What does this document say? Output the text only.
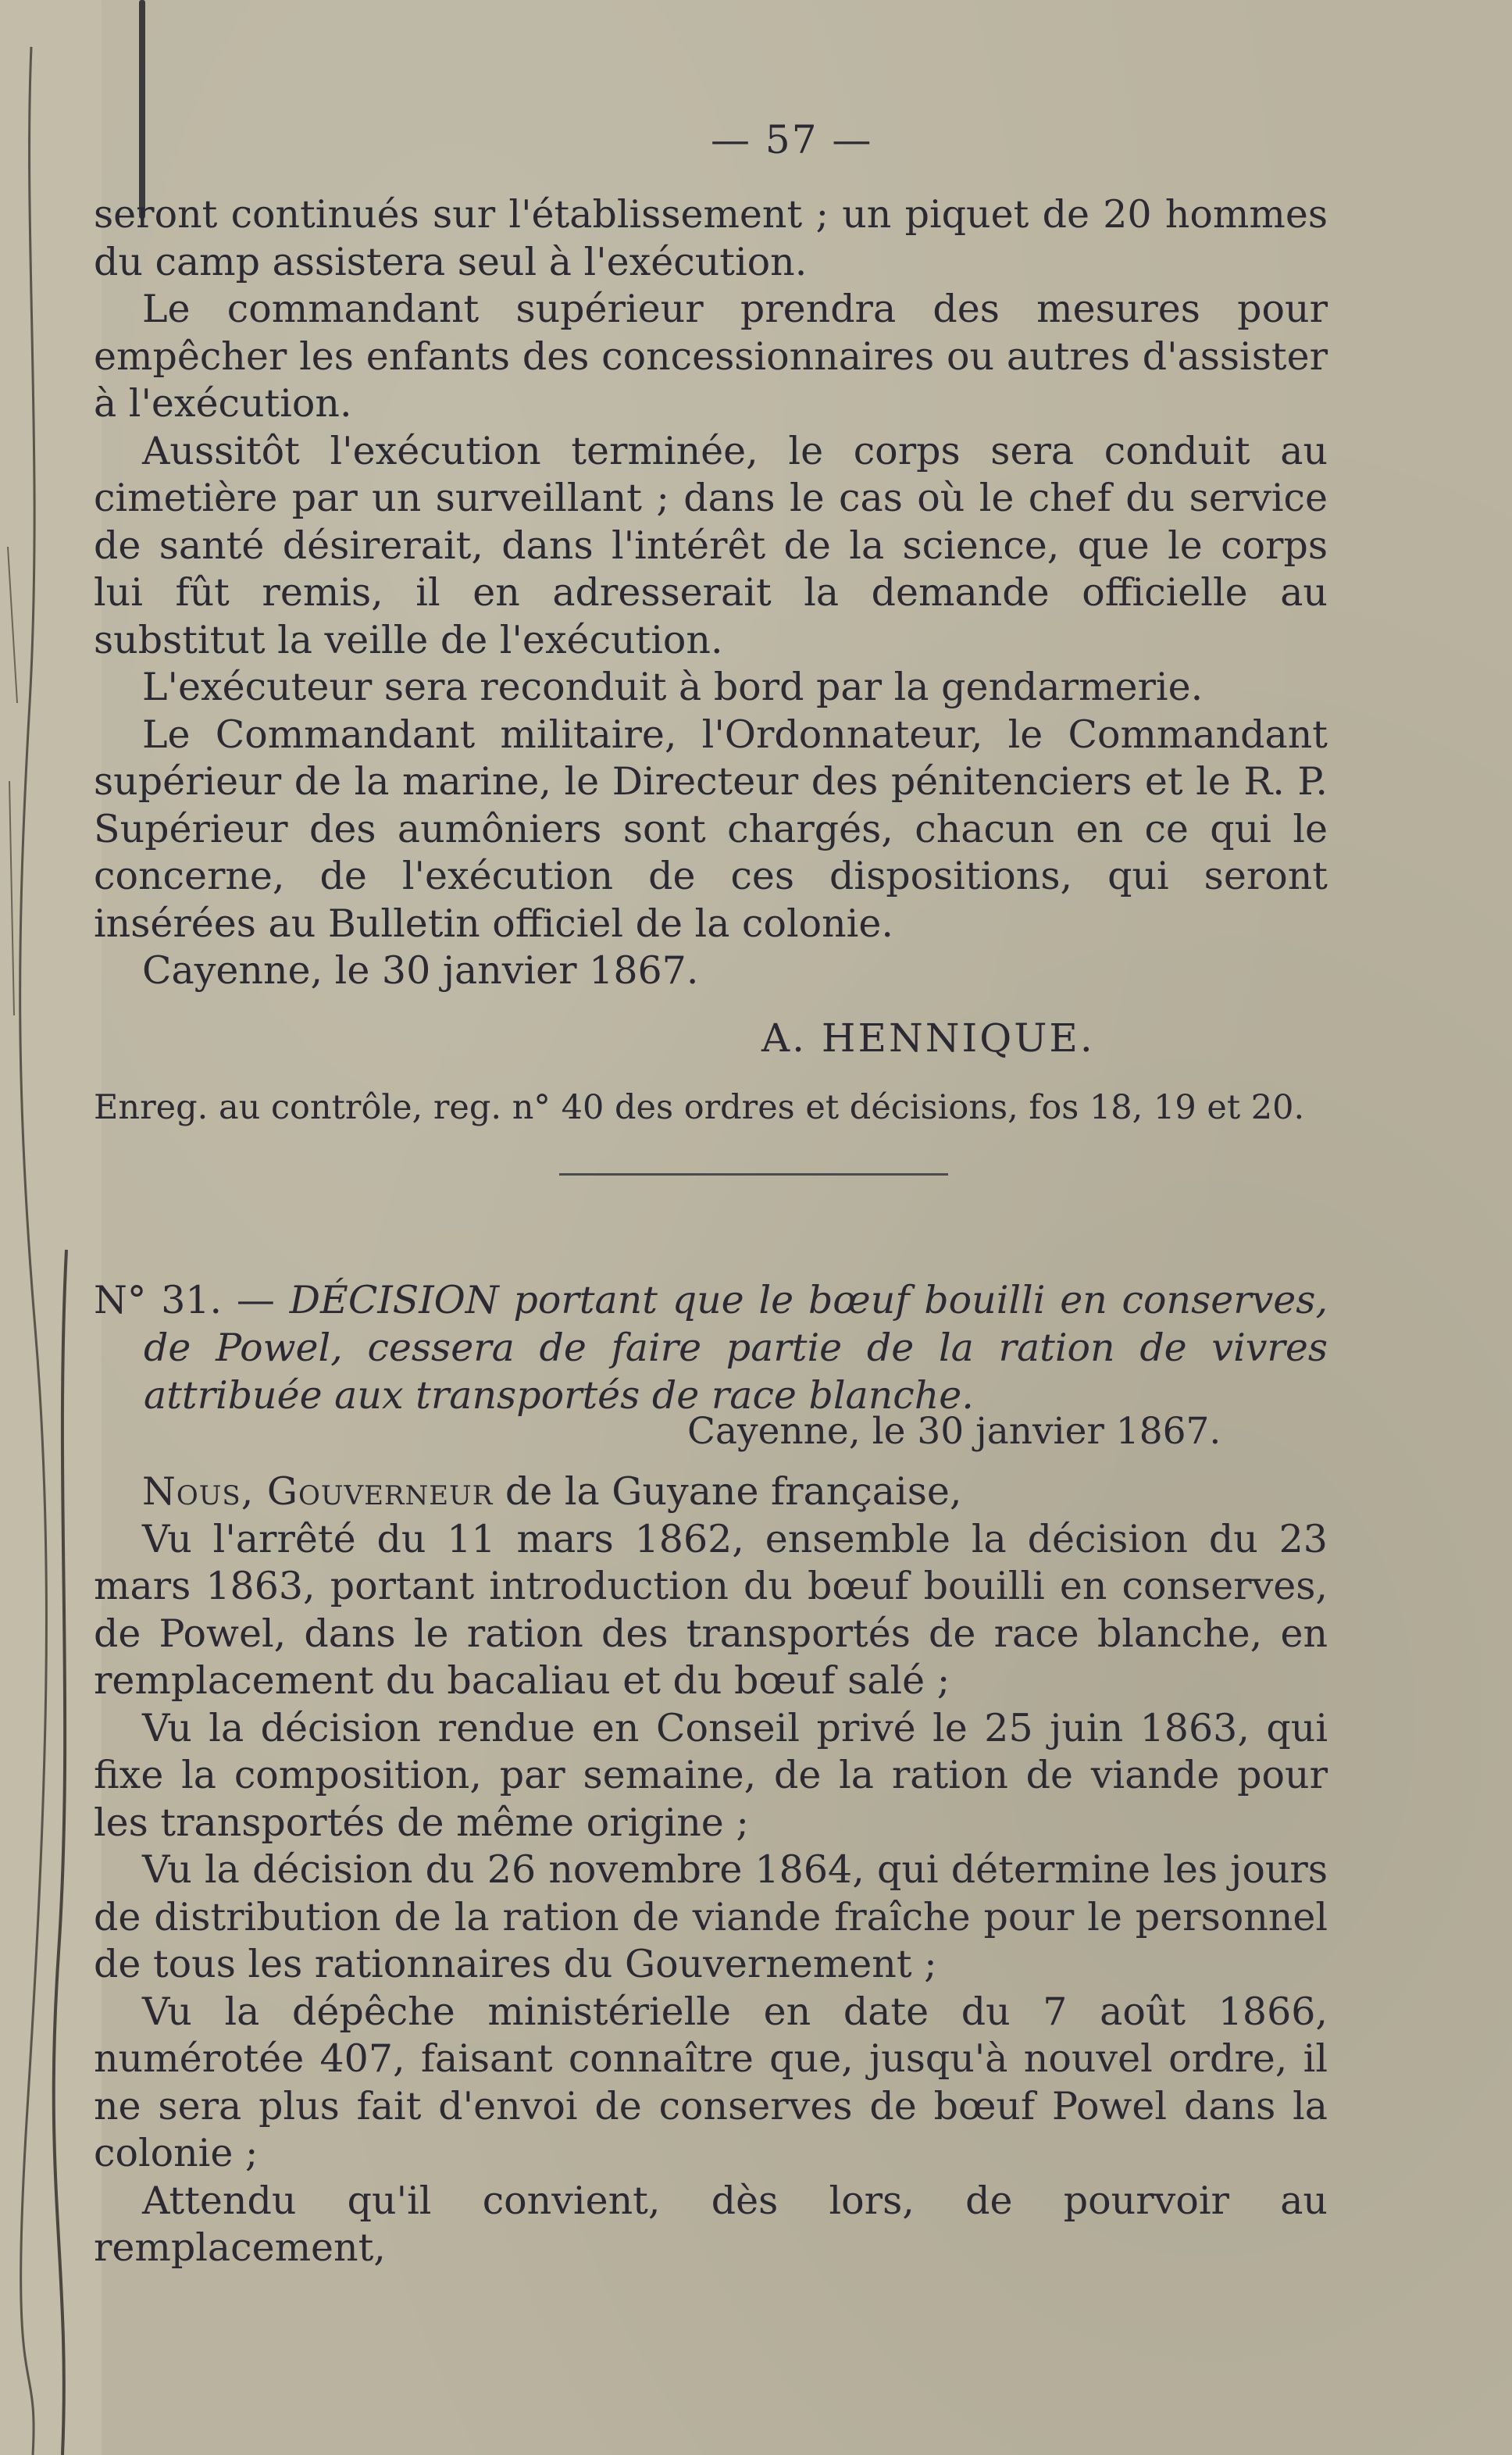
— 57 —

seront continués sur l'établissement ; un piquet de 20 hommes du camp assistera seul à l'exécution.

Le commandant supérieur prendra des mesures pour empêcher les enfants des concessionnaires ou autres d'assister à l'exécution.

Aussitôt l'exécution terminée, le corps sera conduit au cimetière par un surveillant ; dans le cas où le chef du service de santé désirerait, dans l'intérêt de la science, que le corps lui fût remis, il en adresserait la demande officielle au substitut la veille de l'exécution.

L'exécuteur sera reconduit à bord par la gendarmerie.

Le Commandant militaire, l'Ordonnateur, le Commandant supérieur de la marine, le Directeur des pénitenciers et le R. P. Supérieur des aumôniers sont chargés, chacun en ce qui le concerne, de l'exécution de ces dispositions, qui seront insérées au Bulletin officiel de la colonie.

Cayenne, le 30 janvier 1867.

A. HENNIQUE.
Enreg. au contrôle, reg. n° 40 des ordres et décisions, fos 18, 19 et 20.

N° 31. — DÉCISION portant que le bœuf bouilli en conserves, de Powel, cessera de faire partie de la ration de vivres attribuée aux transportés de race blanche.

Cayenne, le 30 janvier 1867.

Nous, Gouverneur de la Guyane française,

Vu l'arrêté du 11 mars 1862, ensemble la décision du 23 mars 1863, portant introduction du bœuf bouilli en conserves, de Powel, dans le ration des transportés de race blanche, en remplacement du bacaliau et du bœuf salé ;

Vu la décision rendue en Conseil privé le 25 juin 1863, qui fixe la composition, par semaine, de la ration de viande pour les transportés de même origine ;

Vu la décision du 26 novembre 1864, qui détermine les jours de distribution de la ration de viande fraîche pour le personnel de tous les rationnaires du Gouvernement ;

Vu la dépêche ministérielle en date du 7 août 1866, numérotée 407, faisant connaître que, jusqu'à nouvel ordre, il ne sera plus fait d'envoi de conserves de bœuf Powel dans la colonie ;

Attendu qu'il convient, dès lors, de pourvoir au remplacement,
